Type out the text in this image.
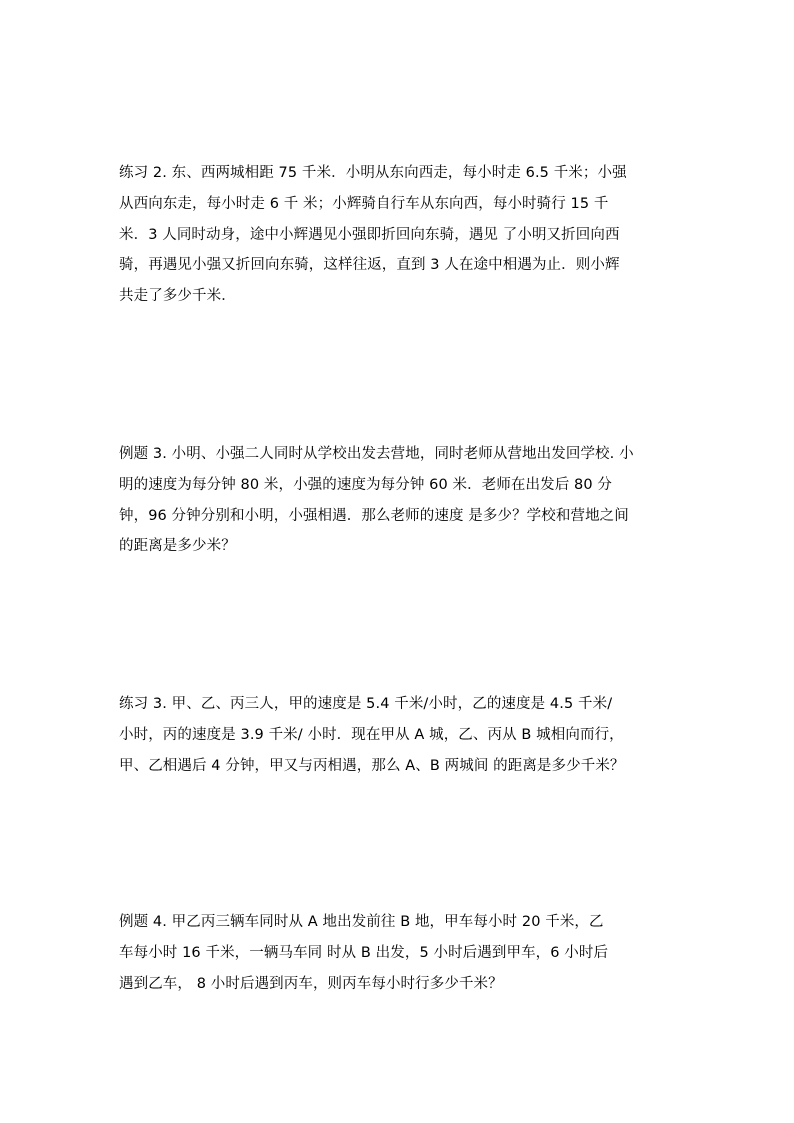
练习 2. 东、西两城相距 75 千米．小明从东向西走，每小时走 6.5 千米；小强
从西向东走，每小时走 6 千 米；小辉骑自行车从东向西，每小时骑行 15 千
米．3 人同时动身，途中小辉遇见小强即折回向东骑，遇见 了小明又折回向西
骑，再遇见小强又折回向东骑，这样往返，直到 3 人在途中相遇为止．则小辉
共走了多少千米．
例题 3. 小明、小强二人同时从学校出发去营地，同时老师从营地出发回学校. 小
明的速度为每分钟 80 米，小强的速度为每分钟 60 米．老师在出发后 80 分
钟，96 分钟分别和小明，小强相遇．那么老师的速度 是多少？学校和营地之间
的距离是多少米？
练习 3. 甲、乙、丙三人，甲的速度是 5.4 千米/小时，乙的速度是 4.5 千米/
小时，丙的速度是 3.9 千米/ 小时．现在甲从 A 城，乙、丙从 B 城相向而行，
甲、乙相遇后 4 分钟，甲又与丙相遇，那么 A、B 两城间 的距离是多少千米？
例题 4. 甲乙丙三辆车同时从 A 地出发前往 B 地，甲车每小时 20 千米，乙
车每小时 16 千米，一辆马车同 时从 B 出发，5 小时后遇到甲车，6 小时后
遇到乙车， 8 小时后遇到丙车，则丙车每小时行多少千米？
